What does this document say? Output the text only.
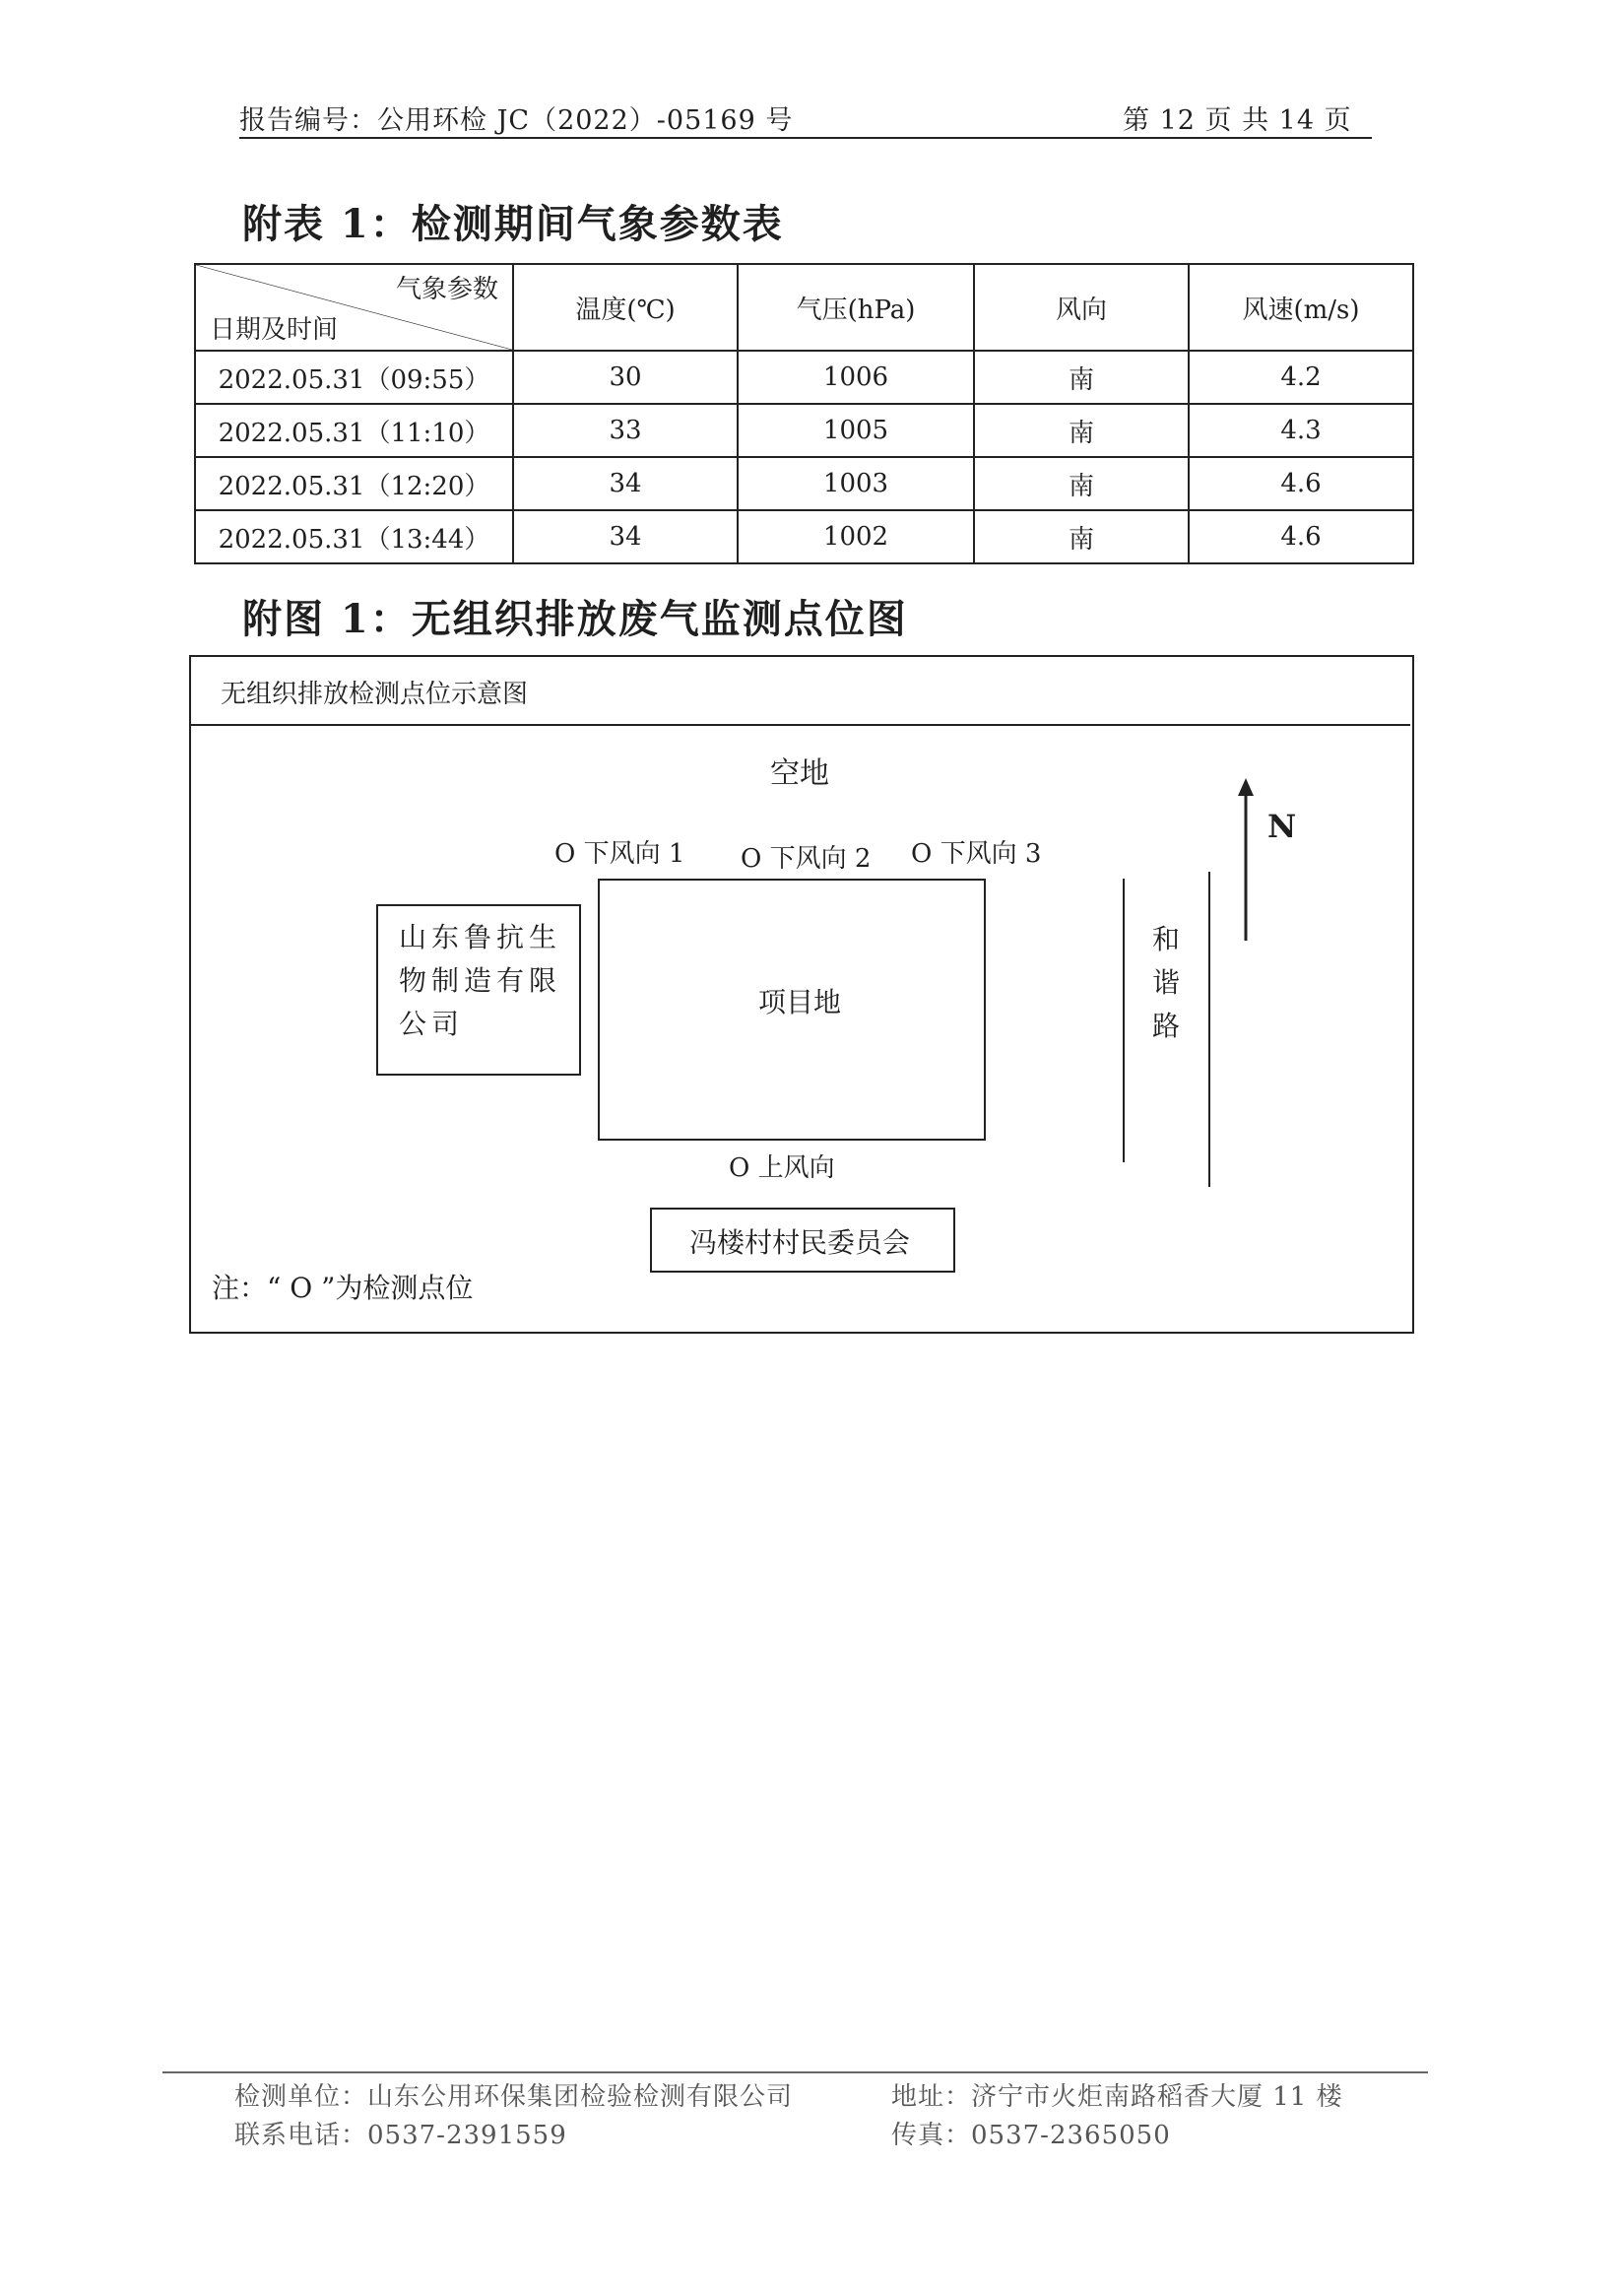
报告编号：公用环检 JC（2022）-05169 号	第 12 页 共 14 页
附表 1：检测期间气象参数表
气象参数
日期及时间	温度(℃)	气压(hPa)	风向	风速(m/s)
2022.05.31（09:55）	30	1006	南	4.2
2022.05.31（11:10）	33	1005	南	4.3
2022.05.31（12:20）	34	1003	南	4.6
2022.05.31（13:44）	34	1002	南	4.6
附图 1：无组织排放废气监测点位图
无组织排放检测点位示意图
空地
N
O 下风向 1 O 下风向 2 O 下风向 3
O 上风向
山东鲁抗生
物制造有限
公司
项目地
和
谐
路
冯楼村村民委员会
注：“ O ”为检测点位
检测单位：山东公用环保集团检验检测有限公司	地址：济宁市火炬南路稻香大厦 11 楼
联系电话：0537-2391559	传真：0537-2365050
